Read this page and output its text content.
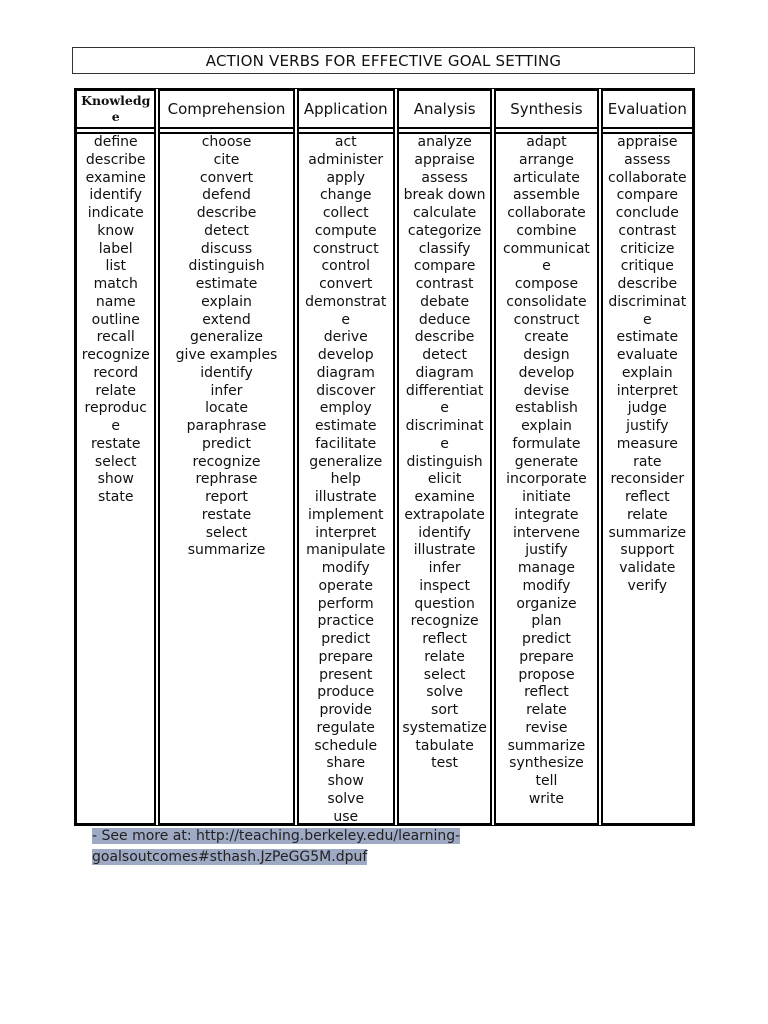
ACTION VERBS FOR EFFECTIVE GOAL SETTING
Knowledge
define
describe
examine
identify
indicate
know
label
list
match
name
outline
recall
recognize
record
relate
reproduc
e
restate
select
show
state
Comprehension
choose
cite
convert
defend
describe
detect
discuss
distinguish
estimate
explain
extend
generalize
give examples
identify
infer
locate
paraphrase
predict
recognize
rephrase
report
restate
select
summarize
Application
act
administer
apply
change
collect
compute
construct
control
convert
demonstrat
e
derive
develop
diagram
discover
employ
estimate
facilitate
generalize
help
illustrate
implement
interpret
manipulate
modify
operate
perform
practice
predict
prepare
present
produce
provide
regulate
schedule
share
show
solve
use
Analysis
analyze
appraise
assess
break down
calculate
categorize
classify
compare
contrast
debate
deduce
describe
detect
diagram
differentiat
e
discriminat
e
distinguish
elicit
examine
extrapolate
identify
illustrate
infer
inspect
question
recognize
reflect
relate
select
solve
sort
systematize
tabulate
test
Synthesis
adapt
arrange
articulate
assemble
collaborate
combine
communicat
e
compose
consolidate
construct
create
design
develop
devise
establish
explain
formulate
generate
incorporate
initiate
integrate
intervene
justify
manage
modify
organize
plan
predict
prepare
propose
reflect
relate
revise
summarize
synthesize
tell
write
Evaluation
appraise
assess
collaborate
compare
conclude
contrast
criticize
critique
describe
discriminat
e
estimate
evaluate
explain
interpret
judge
justify
measure
rate
reconsider
reflect
relate
summarize
support
validate
verify
- See more at: http://teaching.berkeley.edu/learning-goalsoutcomes#sthash.JzPeGG5M.dpuf
